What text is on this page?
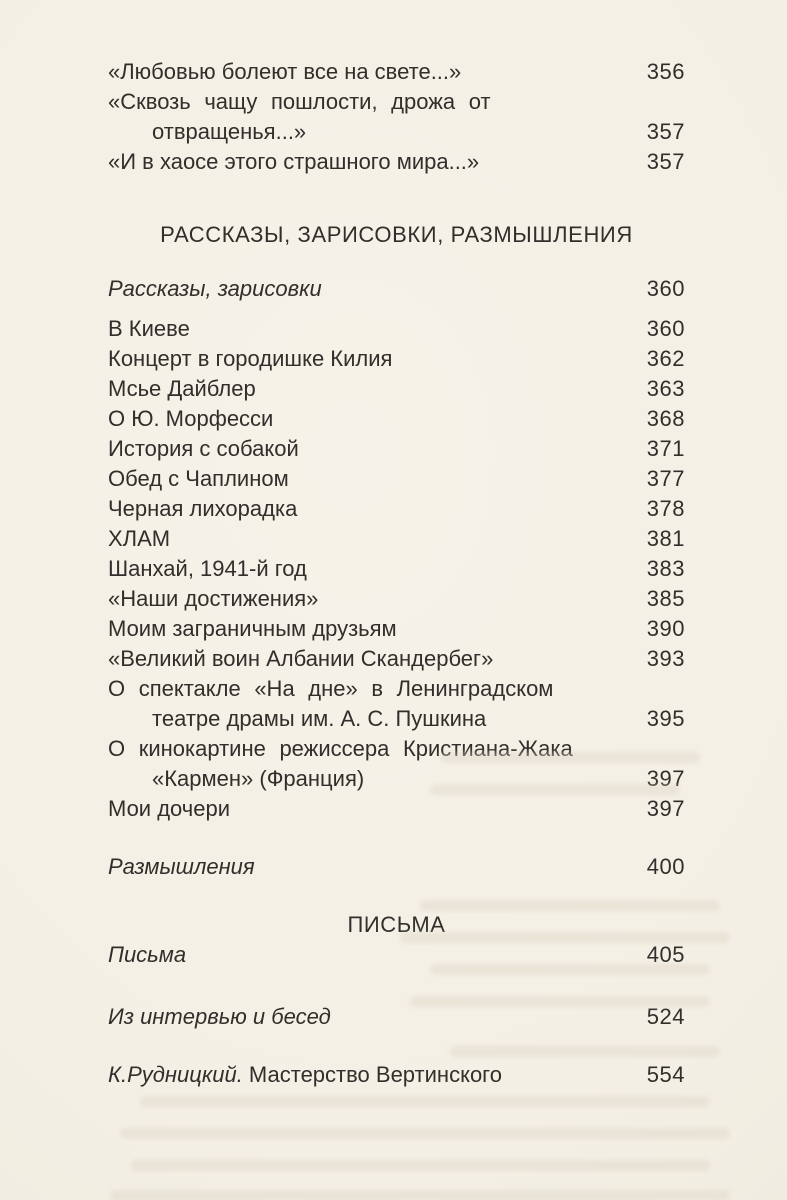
«Любовью болеют все на свете...»	356
«Сквозь чащу пошлости, дрожа от
отвращенья...»	357
«И в хаосе этого страшного мира...»	357
РАССКАЗЫ, ЗАРИСОВКИ, РАЗМЫШЛЕНИЯ
Рассказы, зарисовки	360
В Киеве	360
Концерт в городишке Килия	362
Мсье Дайблер	363
О Ю. Морфесси	368
История с собакой	371
Обед с Чаплином	377
Черная лихорадка	378
ХЛАМ	381
Шанхай, 1941-й год	383
«Наши достижения»	385
Моим заграничным друзьям	390
«Великий воин Албании Скандербег»	393
О спектакле «На дне» в Ленинградском
театре драмы им. А. С. Пушкина	395
О кинокартине режиссера Кристиана-Жака
«Кармен» (Франция)	397
Мои дочери	397
Размышления	400
ПИСЬМА
Письма	405
Из интервью и бесед	524
К.Рудницкий. Мастерство Вертинского	554
